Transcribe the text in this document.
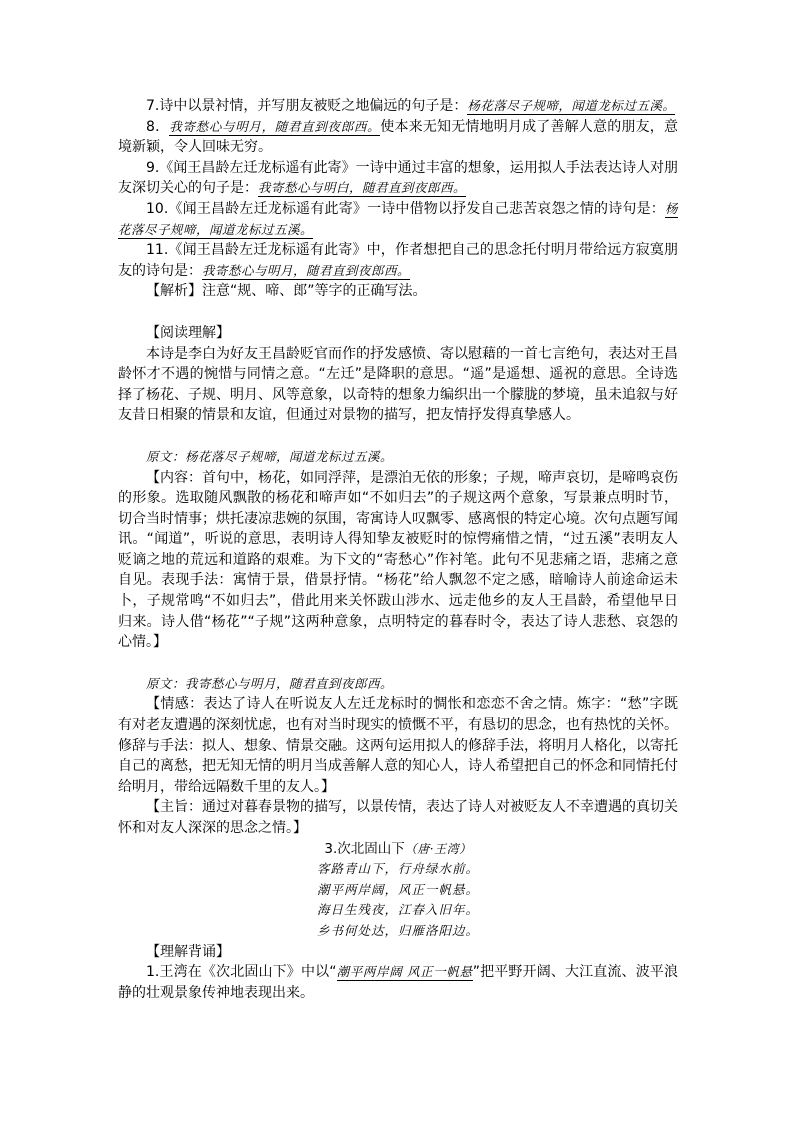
7.诗中以景衬情，并写朋友被贬之地偏远的句子是：杨花落尽子规啼，闻道龙标过五溪。

8．我寄愁心与明月，随君直到夜郎西。使本来无知无情地明月成了善解人意的朋友，意境新颖，令人回味无穷。

9.《闻王昌龄左迁龙标遥有此寄》一诗中通过丰富的想象，运用拟人手法表达诗人对朋友深切关心的句子是：我寄愁心与明白，随君直到夜郎西。

10.《闻王昌龄左迁龙标遥有此寄》一诗中借物以抒发自己悲苦哀怨之情的诗句是：杨花落尽子规啼，闻道龙标过五溪。

11.《闻王昌龄左迁龙标遥有此寄》中，作者想把自己的思念托付明月带给远方寂寞朋友的诗句是：我寄愁心与明月，随君直到夜郎西。

【解析】注意“规、啼、郎”等字的正确写法。

【阅读理解】

本诗是李白为好友王昌龄贬官而作的抒发感愤、寄以慰藉的一首七言绝句，表达对王昌龄怀才不遇的惋惜与同情之意。“左迁”是降职的意思。“遥”是遥想、遥祝的意思。全诗选择了杨花、子规、明月、风等意象，以奇特的想象力编织出一个朦胧的梦境，虽未追叙与好友昔日相聚的情景和友谊，但通过对景物的描写，把友情抒发得真挚感人。

原文：杨花落尽子规啼，闻道龙标过五溪。

【内容：首句中，杨花，如同浮萍，是漂泊无依的形象；子规，啼声哀切，是啼鸣哀伤的形象。选取随风飘散的杨花和啼声如“不如归去”的子规这两个意象，写景兼点明时节，切合当时情事；烘托凄凉悲婉的氛围，寄寓诗人叹飘零、感离恨的特定心境。次句点题写闻讯。“闻道”，听说的意思，表明诗人得知挚友被贬时的惊愕痛惜之情，“过五溪”表明友人贬谪之地的荒远和道路的艰难。为下文的“寄愁心”作衬笔。此句不见悲痛之语，悲痛之意自见。表现手法：寓情于景，借景抒情。“杨花”给人飘忽不定之感，暗喻诗人前途命运未卜，子规常鸣“不如归去”，借此用来关怀跋山涉水、远走他乡的友人王昌龄，希望他早日归来。诗人借“杨花”“子规”这两种意象，点明特定的暮春时令，表达了诗人悲愁、哀怨的心情。】

原文：我寄愁心与明月，随君直到夜郎西。

【情感：表达了诗人在听说友人左迁龙标时的惆怅和恋恋不舍之情。炼字：“愁”字既有对老友遭遇的深刻忧虑，也有对当时现实的愤慨不平，有恳切的思念，也有热忱的关怀。修辞与手法：拟人、想象、情景交融。这两句运用拟人的修辞手法，将明月人格化，以寄托自己的离愁，把无知无情的明月当成善解人意的知心人，诗人希望把自己的怀念和同情托付给明月，带给远隔数千里的友人。】

【主旨：通过对暮春景物的描写，以景传情，表达了诗人对被贬友人不幸遭遇的真切关怀和对友人深深的思念之情。】

3.次北固山下（唐·王湾）

客路青山下，行舟绿水前。

潮平两岸阔，风正一帆悬。

海日生残夜，江春入旧年。

乡书何处达，归雁洛阳边。

【理解背诵】

1.王湾在《次北固山下》中以“潮平两岸阔 风正一帆悬”把平野开阔、大江直流、波平浪静的壮观景象传神地表现出来。
